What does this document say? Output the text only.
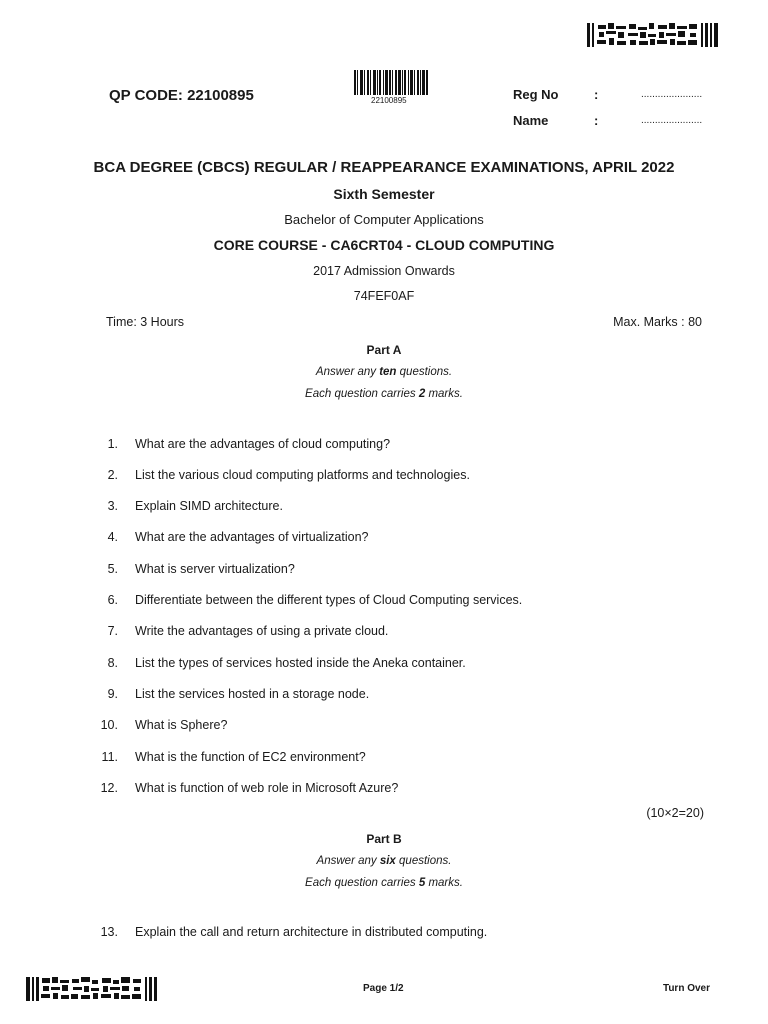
QP CODE: 22100895	22100895	Reg No	:	......................
Name	:	......................
BCA DEGREE (CBCS) REGULAR / REAPPEARANCE EXAMINATIONS, APRIL 2022
Sixth Semester
Bachelor of Computer Applications
CORE COURSE - CA6CRT04 - CLOUD COMPUTING
2017 Admission Onwards
74FEF0AF
Time: 3 Hours	Max. Marks : 80
Part A
Answer any ten questions.
Each question carries 2 marks.
1. What are the advantages of cloud computing?
2. List the various cloud computing platforms and technologies.
3. Explain SIMD architecture.
4. What are the advantages of virtualization?
5. What is server virtualization?
6. Differentiate between the different types of Cloud Computing services.
7. Write the advantages of using a private cloud.
8. List the types of services hosted inside the Aneka container.
9. List the services hosted in a storage node.
10. What is Sphere?
11. What is the function of EC2 environment?
12. What is function of web role in Microsoft Azure?
(10×2=20)
Part B
Answer any six questions.
Each question carries 5 marks.
13. Explain the call and return architecture in distributed computing.
Page 1/2	Turn Over
